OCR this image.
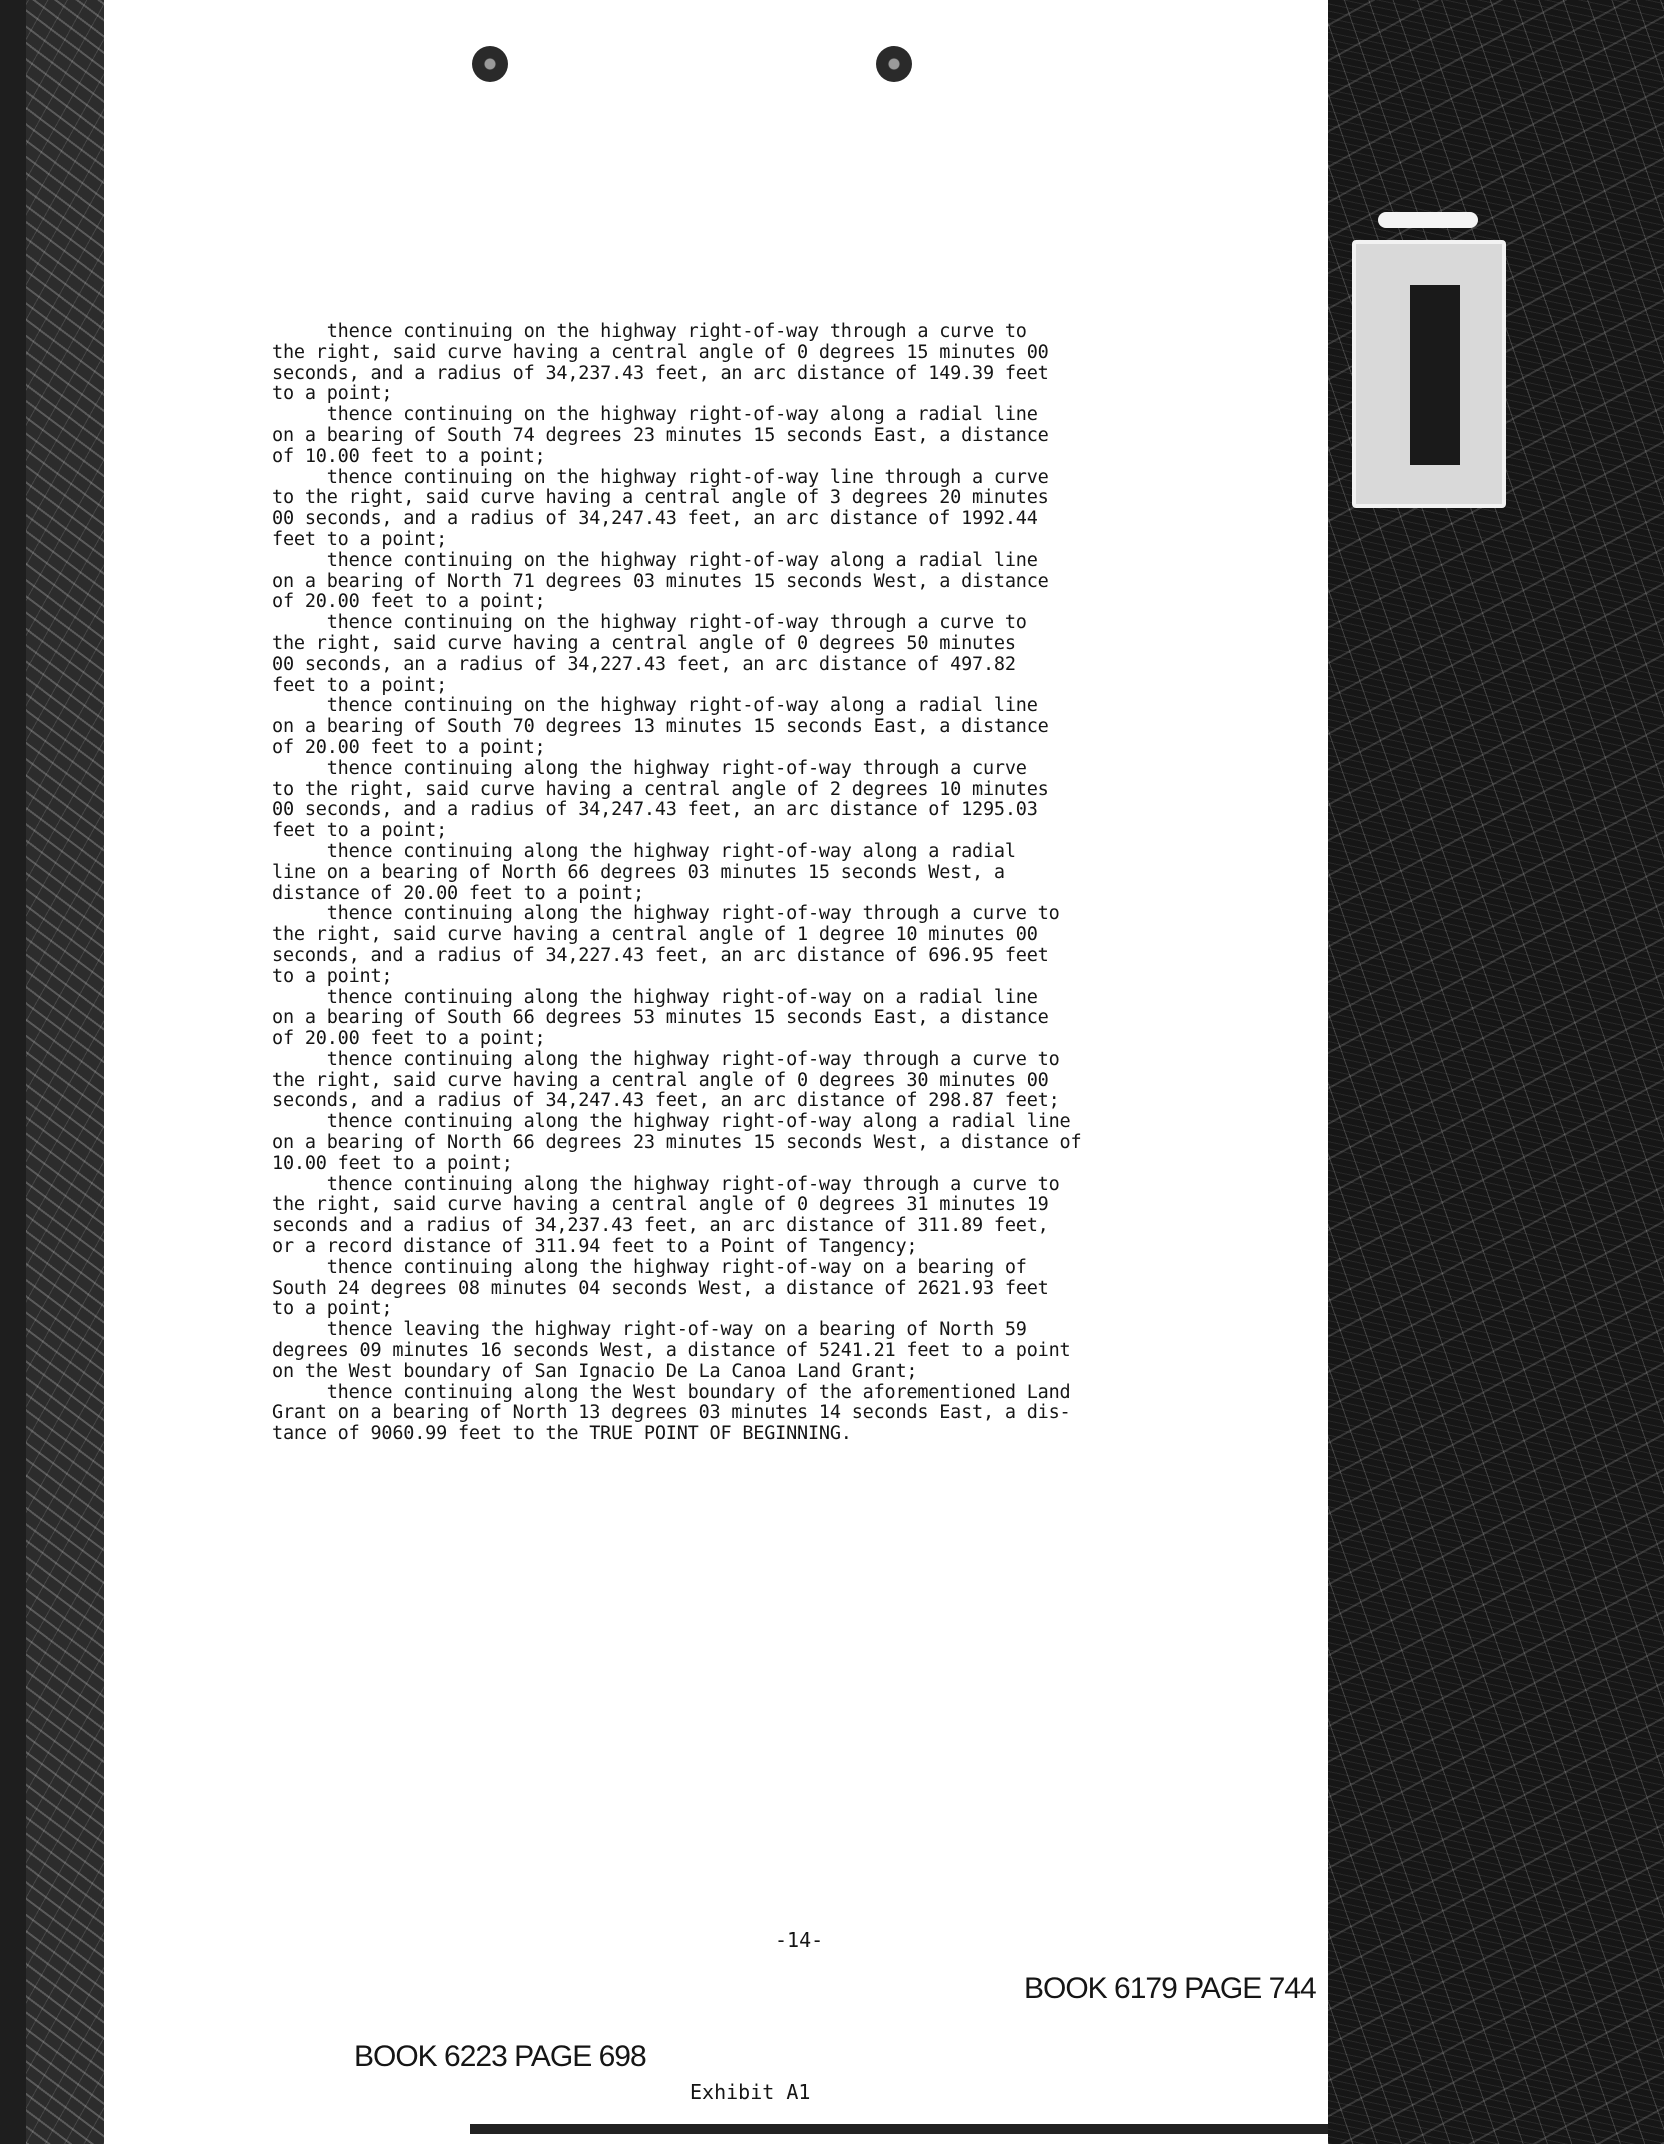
thence continuing on the highway right-of-way through a curve to
the right, said curve having a central angle of 0 degrees 15 minutes 00
seconds, and a radius of 34,237.43 feet, an arc distance of 149.39 feet
to a point;
thence continuing on the highway right-of-way along a radial line
on a bearing of South 74 degrees 23 minutes 15 seconds East, a distance
of 10.00 feet to a point;
thence continuing on the highway right-of-way line through a curve
to the right, said curve having a central angle of 3 degrees 20 minutes
00 seconds, and a radius of 34,247.43 feet, an arc distance of 1992.44
feet to a point;
thence continuing on the highway right-of-way along a radial line
on a bearing of North 71 degrees 03 minutes 15 seconds West, a distance
of 20.00 feet to a point;
thence continuing on the highway right-of-way through a curve to
the right, said curve having a central angle of 0 degrees 50 minutes
00 seconds, an a radius of 34,227.43 feet, an arc distance of 497.82
feet to a point;
thence continuing on the highway right-of-way along a radial line
on a bearing of South 70 degrees 13 minutes 15 seconds East, a distance
of 20.00 feet to a point;
thence continuing along the highway right-of-way through a curve
to the right, said curve having a central angle of 2 degrees 10 minutes
00 seconds, and a radius of 34,247.43 feet, an arc distance of 1295.03
feet to a point;
thence continuing along the highway right-of-way along a radial
line on a bearing of North 66 degrees 03 minutes 15 seconds West, a
distance of 20.00 feet to a point;
thence continuing along the highway right-of-way through a curve to
the right, said curve having a central angle of 1 degree 10 minutes 00
seconds, and a radius of 34,227.43 feet, an arc distance of 696.95 feet
to a point;
thence continuing along the highway right-of-way on a radial line
on a bearing of South 66 degrees 53 minutes 15 seconds East, a distance
of 20.00 feet to a point;
thence continuing along the highway right-of-way through a curve to
the right, said curve having a central angle of 0 degrees 30 minutes 00
seconds, and a radius of 34,247.43 feet, an arc distance of 298.87 feet;
thence continuing along the highway right-of-way along a radial line
on a bearing of North 66 degrees 23 minutes 15 seconds West, a distance of
10.00 feet to a point;
thence continuing along the highway right-of-way through a curve to
the right, said curve having a central angle of 0 degrees 31 minutes 19
seconds and a radius of 34,237.43 feet, an arc distance of 311.89 feet,
or a record distance of 311.94 feet to a Point of Tangency;
thence continuing along the highway right-of-way on a bearing of
South 24 degrees 08 minutes 04 seconds West, a distance of 2621.93 feet
to a point;
thence leaving the highway right-of-way on a bearing of North 59
degrees 09 minutes 16 seconds West, a distance of 5241.21 feet to a point
on the West boundary of San Ignacio De La Canoa Land Grant;
thence continuing along the West boundary of the aforementioned Land
Grant on a bearing of North 13 degrees 03 minutes 14 seconds East, a dis-
tance of 9060.99 feet to the TRUE POINT OF BEGINNING.
-14-
BOOK 6223 PAGE 698
BOOK 6179 PAGE 744
Exhibit A1
